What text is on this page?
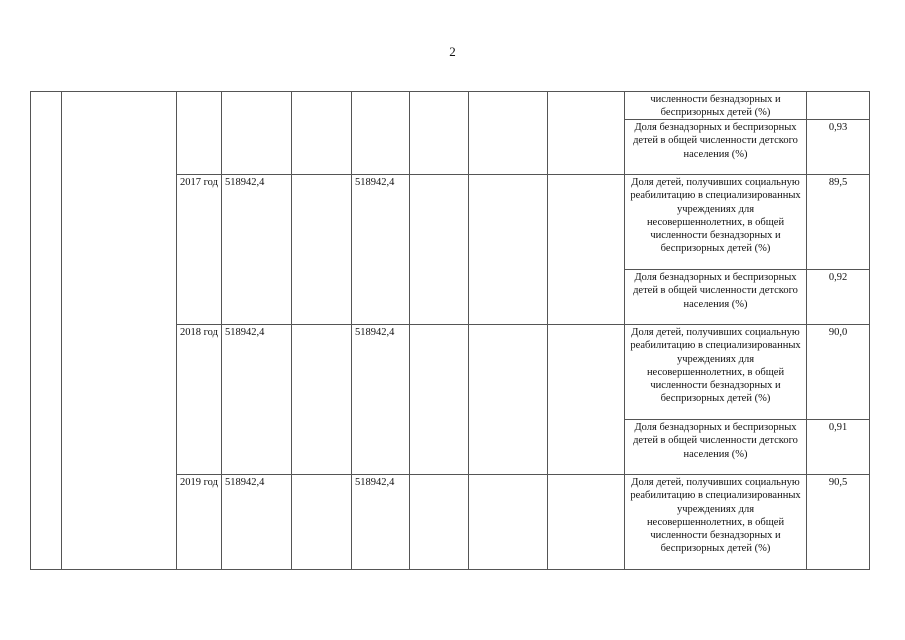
2
									численности безнадзорных и беспризорных детей (%)	
									Доля безнадзорных и беспризорных детей в общей численности детского населения (%)	0,93
		2017 год	518942,4		518942,4				Доля детей, получивших социальную реабилитацию в специализированных учреждениях для несовершеннолетних, в общей численности безнадзорных и беспризорных детей (%)	89,5
									Доля безнадзорных и беспризорных детей в общей численности детского населения (%)	0,92
		2018 год	518942,4		518942,4				Доля детей, получивших социальную реабилитацию в специализированных учреждениях для несовершеннолетних, в общей численности безнадзорных и беспризорных детей (%)	90,0
									Доля безнадзорных и беспризорных детей в общей численности детского населения (%)	0,91
		2019 год	518942,4		518942,4				Доля детей, получивших социальную реабилитацию в специализированных учреждениях для несовершеннолетних, в общей численности безнадзорных и беспризорных детей (%)	90,5
